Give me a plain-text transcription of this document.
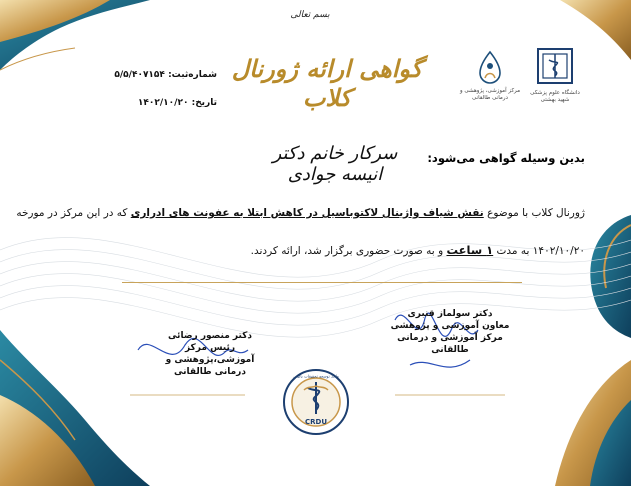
بسم تعالی
گواهی ارائه ژورنال کلاب
شماره‌ثبت: ۵/۵/۴۰۷۱۵۴
تاریخ: ۱۴۰۲/۱۰/۲۰
مرکز آموزشی، پژوهشی و درمانی طالقانی
دانشگاه علوم پزشکی شهید بهشتی
بدین وسیله گواهی می‌شود:
سرکار خانم دکتر انیسه جوادی
ژورنال کلاب با موضوع نقش شیاف واژینال لاکتوباسیل در کاهش ابتلا به عفونت های ادراری که در این مرکز در مورخه
۱۴۰۲/۱۰/۲۰ به مدت ۱ ساعت و به صورت حضوری برگزار شد، ارائه کردند.
دکتر منصور رضائی
رئیس مرکز
آموزشی،پژوهشی و درمانی طالقانی
دکتر سولماز قنبری
معاون آموزشی و پژوهشی
مرکز آموزشی و درمانی طالقانی
CRDU
واحد توسعه تحقیقات بالینی
